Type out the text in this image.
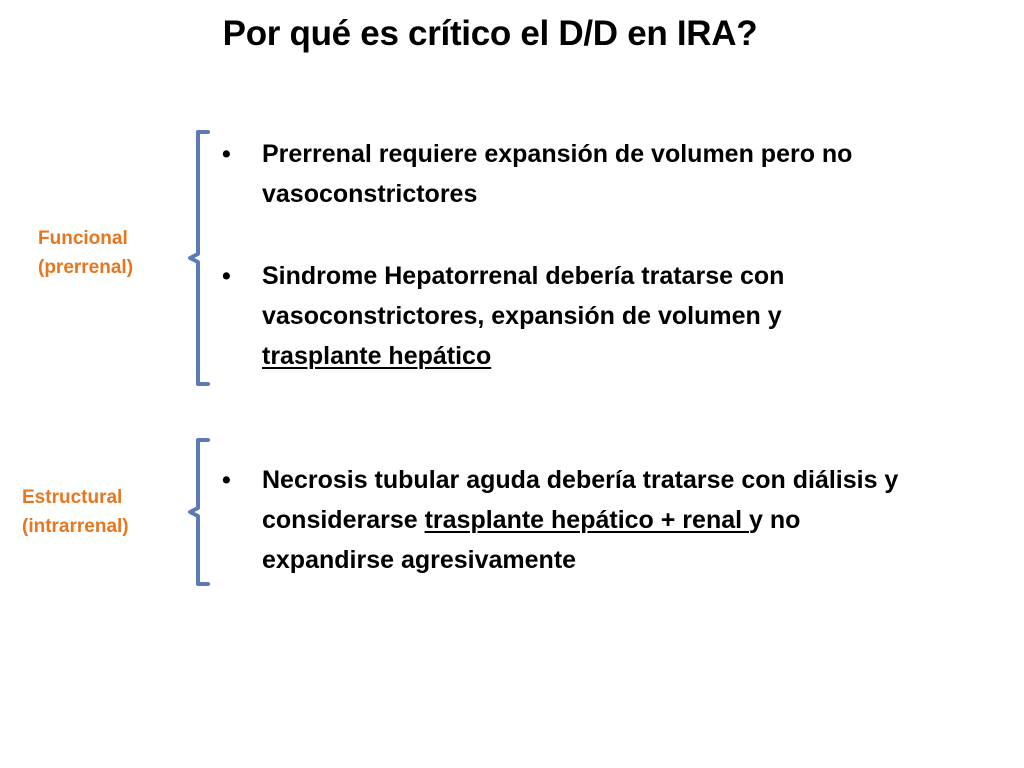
Por qué es crítico el D/D en IRA?
Funcional
(prerrenal)
• Prerrenal requiere expansión de volumen pero no
vasoconstrictores
• Sindrome Hepatorrenal debería tratarse con
vasoconstrictores, expansión de volumen y
trasplante hepático
Estructural
(intrarrenal)
• Necrosis tubular aguda debería tratarse con diálisis y
considerarse trasplante hepático + renal y no
expandirse agresivamente
